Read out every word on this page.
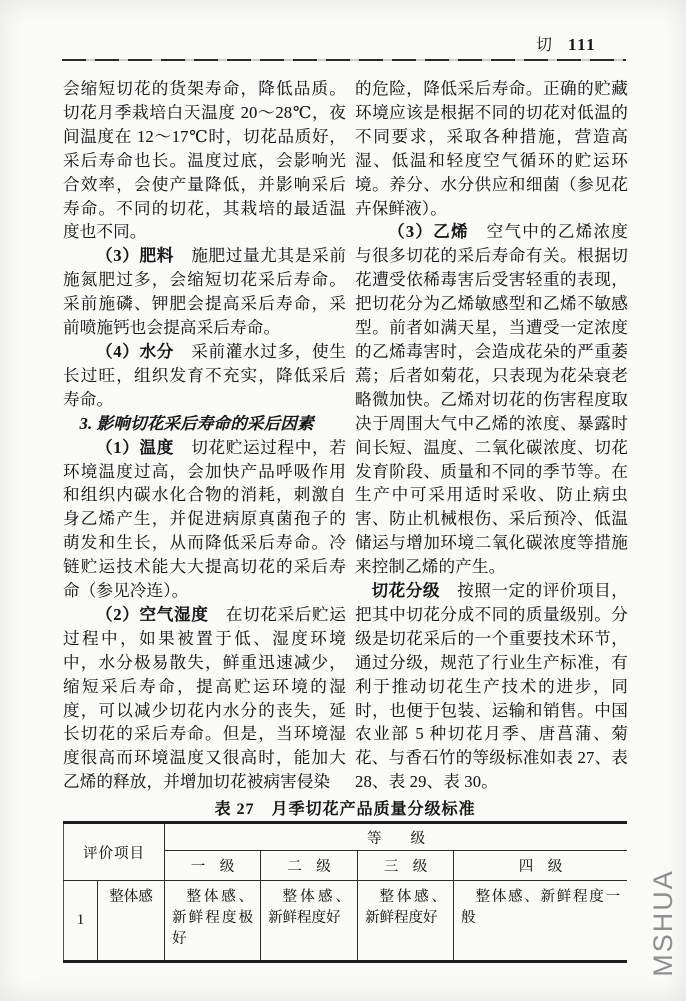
切 111

会缩短切花的货架寿命，降低品质。切花月季栽培白天温度 20～28℃，夜间温度在 12～17℃时，切花品质好，采后寿命也长。温度过底，会影响光合效率，会使产量降低，并影响采后寿命。不同的切花，其栽培的最适温度也不同。

（3）肥料　施肥过量尤其是采前施氮肥过多，会缩短切花采后寿命。采前施磷、钾肥会提高采后寿命，采前喷施钙也会提高采后寿命。

（4）水分　采前灌水过多，使生长过旺，组织发育不充实，降低采后寿命。

3. 影响切花采后寿命的采后因素

（1）温度　切花贮运过程中，若环境温度过高，会加快产品呼吸作用和组织内碳水化合物的消耗，刺激自身乙烯产生，并促进病原真菌孢子的萌发和生长，从而降低采后寿命。冷链贮运技术能大大提高切花的采后寿命（参见冷连）。

（2）空气湿度　在切花采后贮运过程中，如果被置于低、湿度环境中，水分极易散失，鲜重迅速减少，缩短采后寿命，提高贮运环境的湿度，可以减少切花内水分的丧失，延长切花的采后寿命。但是，当环境湿度很高而环境温度又很高时，能加大乙烯的释放，并增加切花被病害侵染

的危险，降低采后寿命。正确的贮藏环境应该是根据不同的切花对低温的不同要求，采取各种措施，营造高湿、低温和轻度空气循环的贮运环境。养分、水分供应和细菌（参见花卉保鲜液）。

（3）乙烯　空气中的乙烯浓度与很多切花的采后寿命有关。根据切花遭受依稀毒害后受害轻重的表现，把切花分为乙烯敏感型和乙烯不敏感型。前者如满天星，当遭受一定浓度的乙烯毒害时，会造成花朵的严重萎蔫；后者如菊花，只表现为花朵衰老略微加快。乙烯对切花的伤害程度取决于周围大气中乙烯的浓度、暴露时间长短、温度、二氧化碳浓度、切花发育阶段、质量和不同的季节等。在生产中可采用适时采收、防止病虫害、防止机械根伤、采后预冷、低温储运与增加环境二氧化碳浓度等措施来控制乙烯的产生。

切花分级　按照一定的评价项目，把其中切花分成不同的质量级别。分级是切花采后的一个重要技术环节，通过分级，规范了行业生产标准，有利于推动切花生产技术的进步，同时，也便于包装、运输和销售。中国农业部 5 种切花月季、唐菖蒲、菊花、与香石竹的等级标准如表 27、表 28、表 29、表 30。

表 27　月季切花产品质量分级标准
评价项目		等　　级			
		一　级	二　级	三　级	四　级
1	整体感	整体感、新鲜程度极好	整体感、新鲜程度好	整体感、新鲜程度好	整体感、新鲜程度一般	MSHUA
